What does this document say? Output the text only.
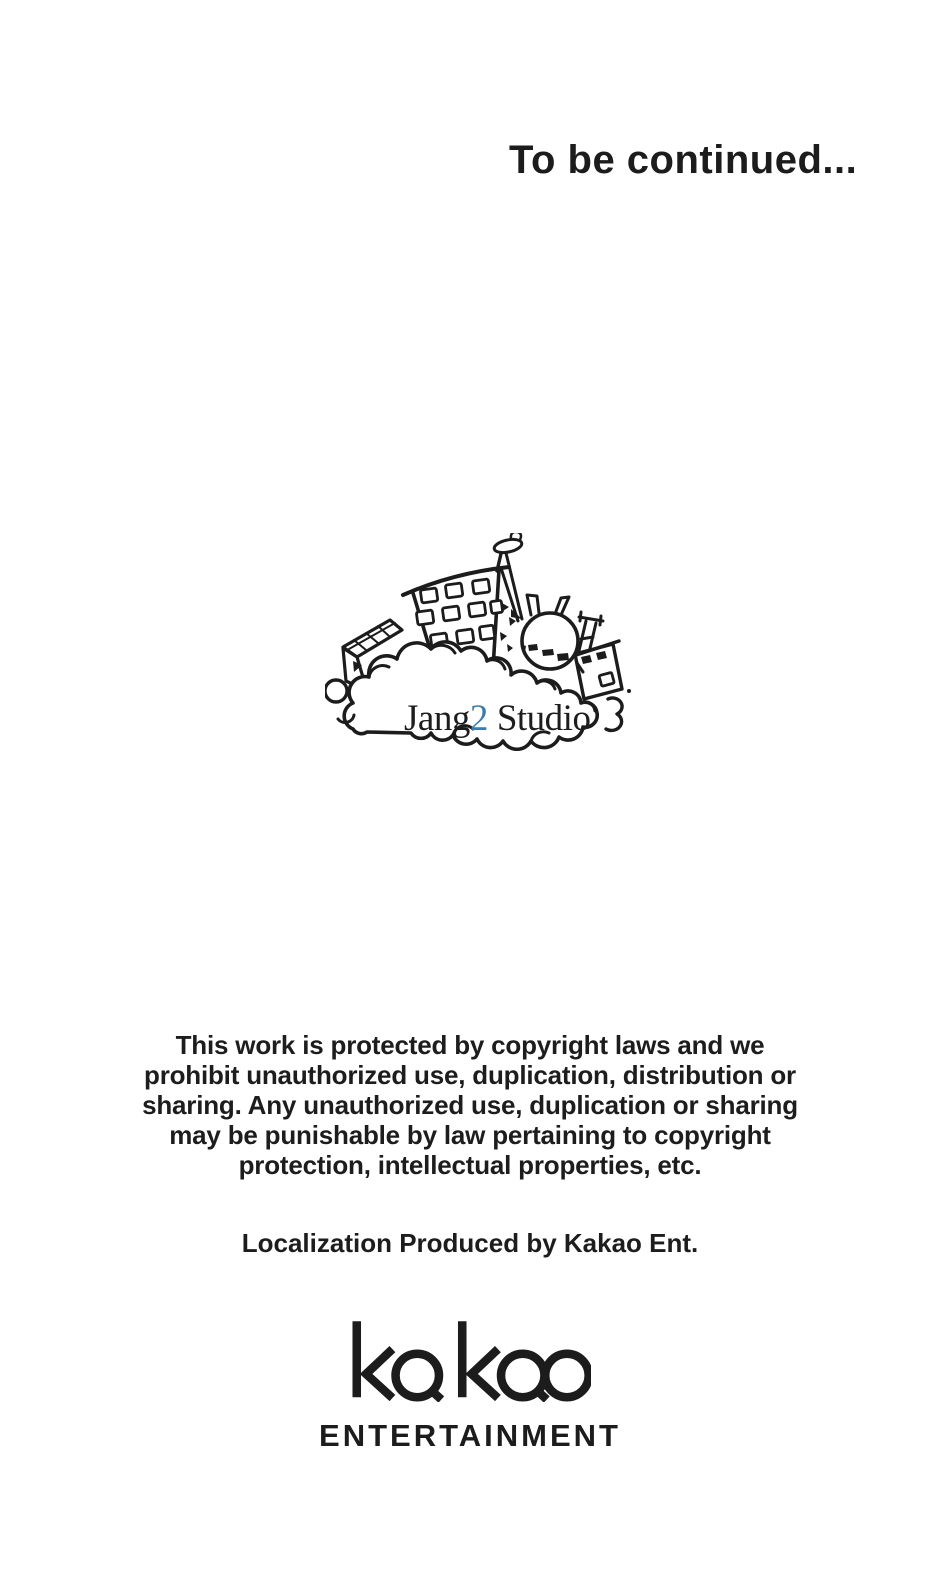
To be continued...
Jang2 Studio
This work is protected by copyright laws and we
prohibit unauthorized use, duplication, distribution or
sharing. Any unauthorized use, duplication or sharing
may be punishable by law pertaining to copyright
protection, intellectual properties, etc.
Localization Produced by Kakao Ent.
ENTERTAINMENT
